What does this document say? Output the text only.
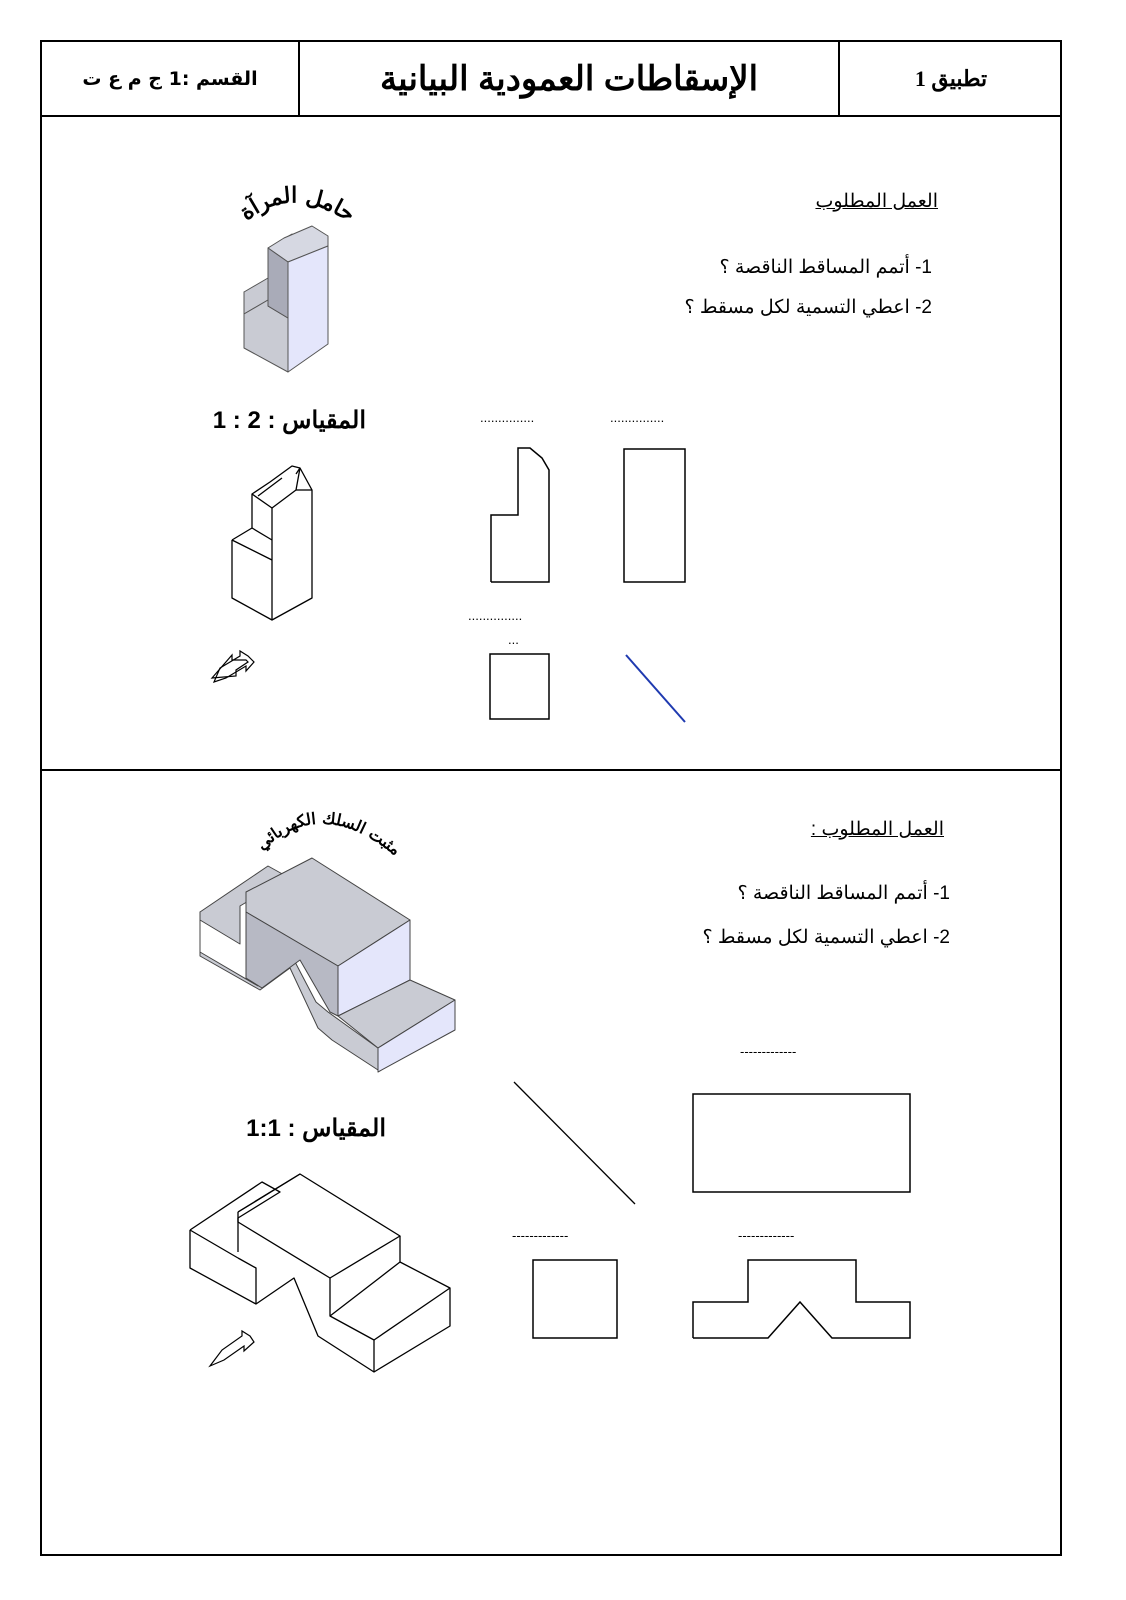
القسم :1 ج م ع ت	الإسقاطات العمودية البيانية	تطبيق 1
العمل المطلوب
1- أتمم المساقط الناقصة ؟
2- اعطي التسمية لكل مسقط ؟
المقياس : 2 : 1	...............	...............
...............
...
العمل المطلوب :
1- أتمم المساقط الناقصة ؟
2- اعطي التسمية لكل مسقط ؟
المقياس : 1:1
-------------
-------------	-------------
حامل المرآة
مثبت السلك الكهربائي
